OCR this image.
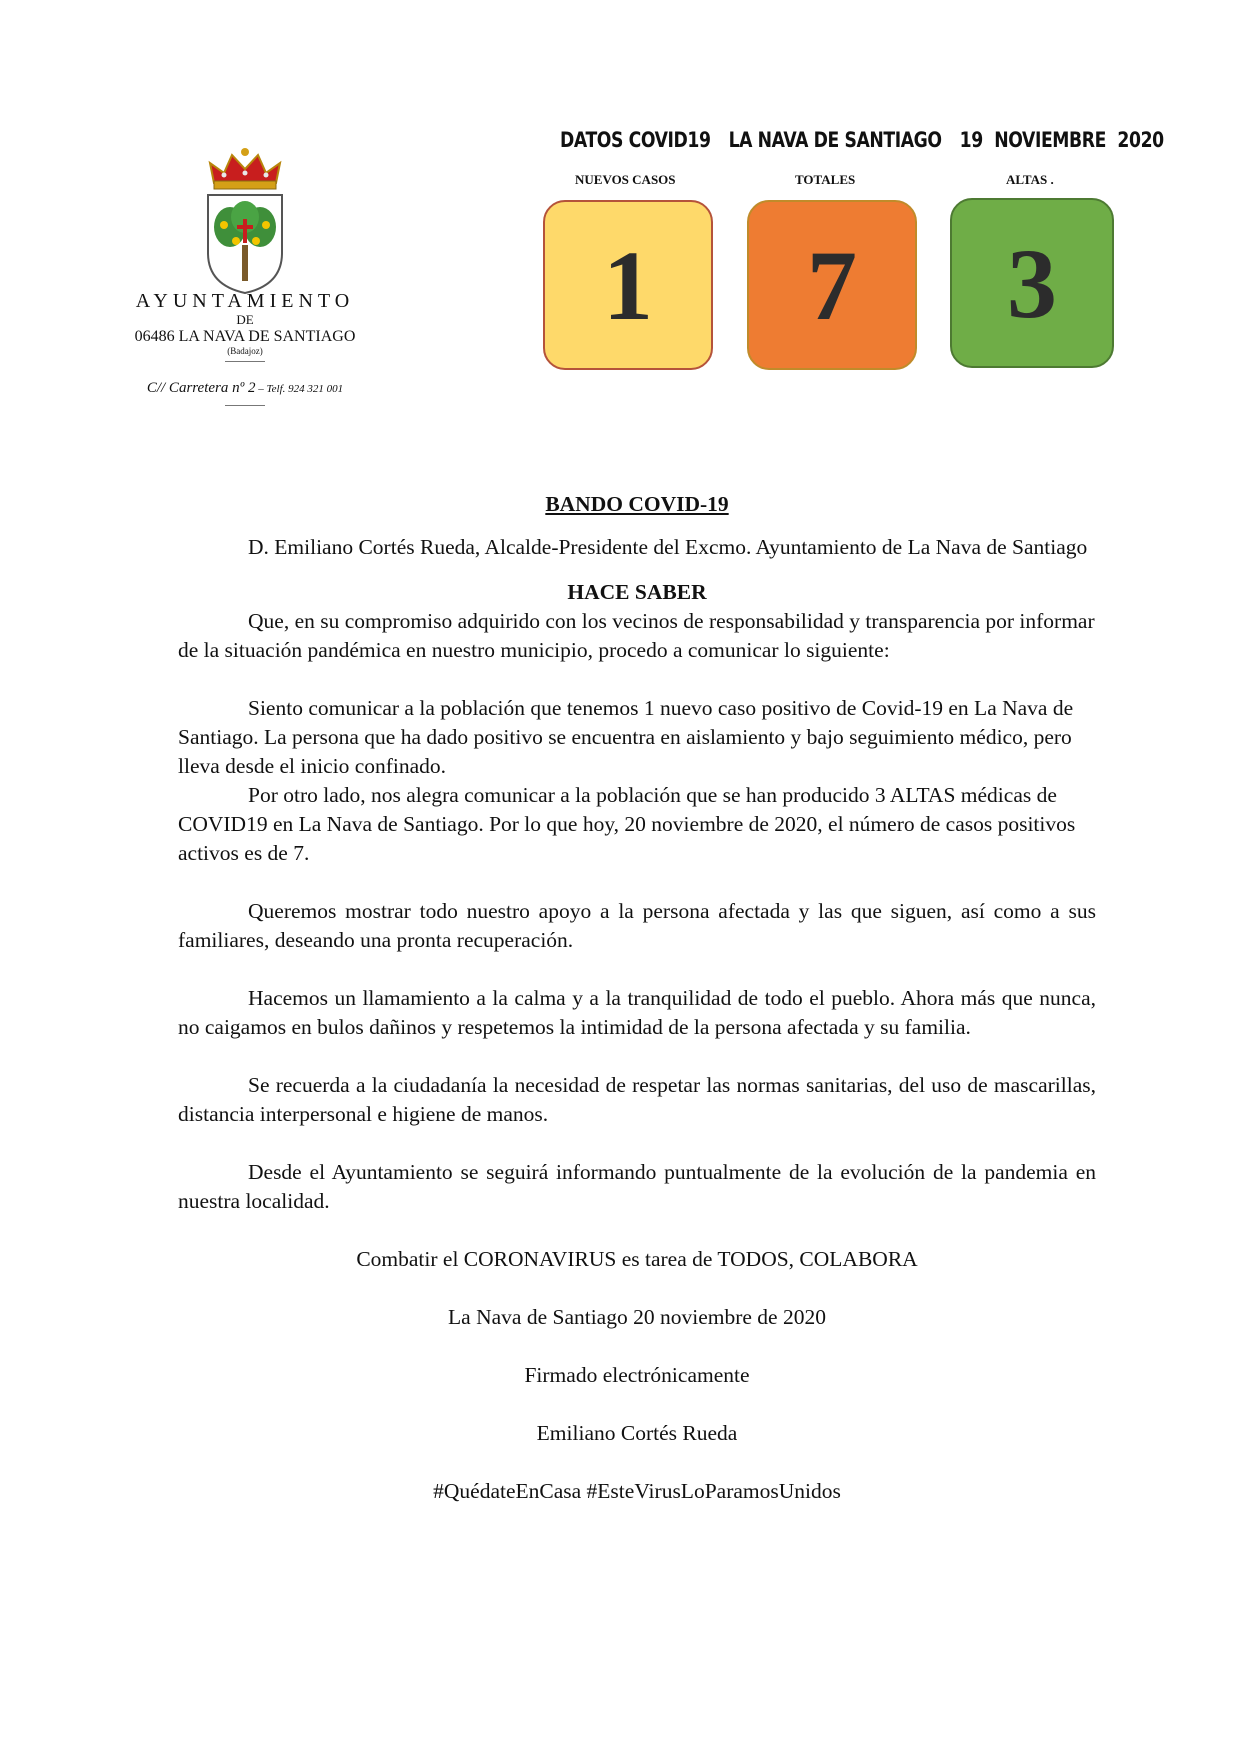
AYUNTAMIENTO
DE
06486 LA NAVA DE SANTIAGO
(Badajoz)
C// Carretera nº 2 – Telf. 924 321 001
DATOS COVID19 LA NAVA DE SANTIAGO 19 NOVIEMBRE 2020
NUEVOS CASOS	TOTALES	ALTAS .
1	7	3
BANDO COVID-19

D. Emiliano Cortés Rueda, Alcalde-Presidente del Excmo. Ayuntamiento de La Nava de Santiago

HACE SABER

Que, en su compromiso adquirido con los vecinos de responsabilidad y transparencia por informar de la situación pandémica en nuestro municipio, procedo a comunicar lo siguiente:

Siento comunicar a la población que tenemos 1 nuevo caso positivo de Covid-19 en La Nava de Santiago. La persona que ha dado positivo se encuentra en aislamiento y bajo seguimiento médico, pero lleva desde el inicio confinado.

Por otro lado, nos alegra comunicar a la población que se han producido 3 ALTAS médicas de COVID19 en La Nava de Santiago. Por lo que hoy, 20 noviembre de 2020, el número de casos positivos activos es de 7.

Queremos mostrar todo nuestro apoyo a la persona afectada y las que siguen, así como a sus familiares, deseando una pronta recuperación.

Hacemos un llamamiento a la calma y a la tranquilidad de todo el pueblo. Ahora más que nunca, no caigamos en bulos dañinos y respetemos la intimidad de la persona afectada y su familia.

Se recuerda a la ciudadanía la necesidad de respetar las normas sanitarias, del uso de mascarillas, distancia interpersonal e higiene de manos.

Desde el Ayuntamiento se seguirá informando puntualmente de la evolución de la pandemia en nuestra localidad.

Combatir el CORONAVIRUS es tarea de TODOS, COLABORA

La Nava de Santiago 20 noviembre de 2020

Firmado electrónicamente

Emiliano Cortés Rueda

#QuédateEnCasa #EsteVirusLoParamosUnidos
